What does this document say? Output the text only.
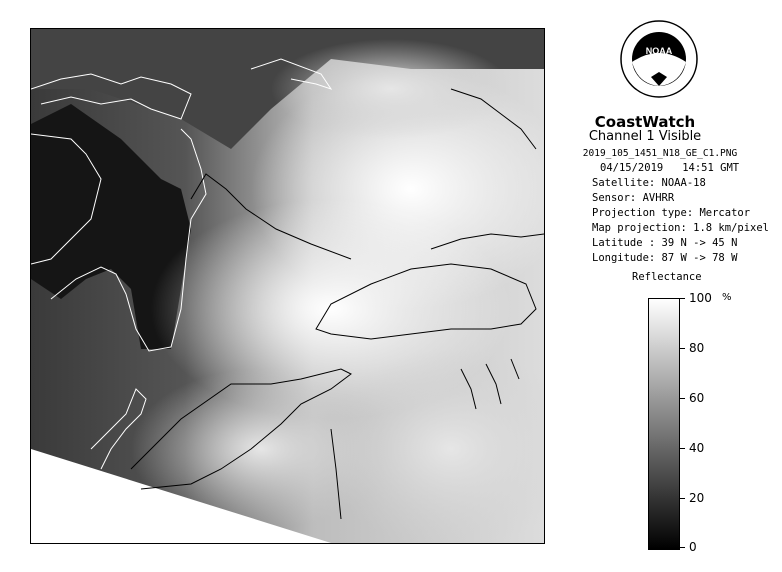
NOAA
CoastWatch
Channel 1 Visible
2019_105_1451_N18_GE_C1.PNG
04/15/2019 14:51 GMT
Satellite: NOAA-18
Sensor: AVHRR
Projection type: Mercator
Map projection: 1.8 km/pixel
Latitude : 39 N -> 45 N
Longitude: 87 W -> 78 W
Reflectance
%
100
80
60
40
20
0
